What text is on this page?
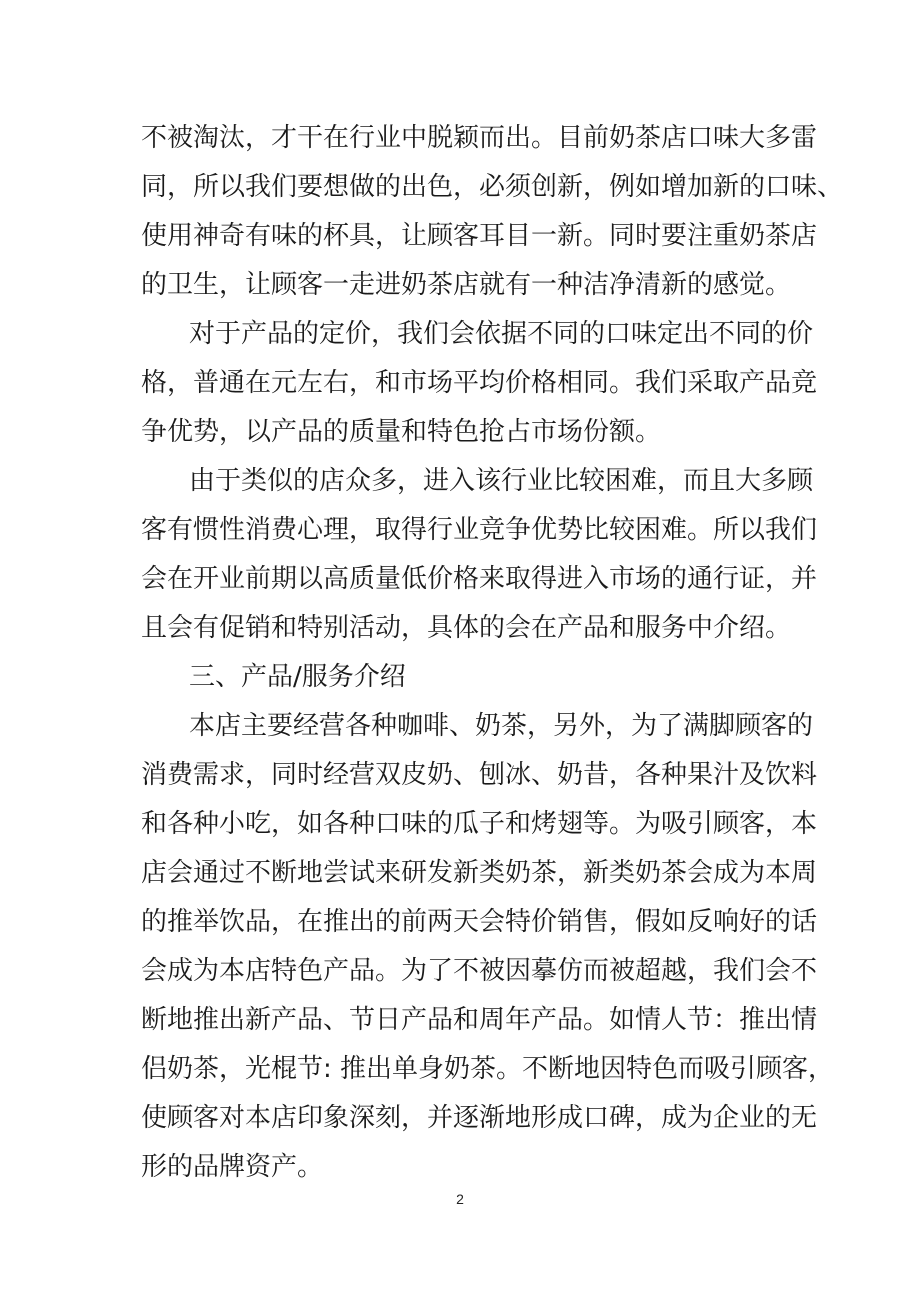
不被淘汰，才干在行业中脱颖而出。目前奶茶店口味大多雷
同，所以我们要想做的出色，必须创新，例如增加新的口味、
使用神奇有味的杯具，让顾客耳目一新。同时要注重奶茶店
的卫生，让顾客一走进奶茶店就有一种洁净清新的感觉。
对于产品的定价，我们会依据不同的口味定出不同的价
格，普通在元左右，和市场平均价格相同。我们采取产品竞
争优势，以产品的质量和特色抢占市场份额。
由于类似的店众多，进入该行业比较困难，而且大多顾
客有惯性消费心理，取得行业竞争优势比较困难。所以我们
会在开业前期以高质量低价格来取得进入市场的通行证，并
且会有促销和特别活动，具体的会在产品和服务中介绍。
三、产品/服务介绍
本店主要经营各种咖啡、奶茶，另外，为了满脚顾客的
消费需求，同时经营双皮奶、刨冰、奶昔，各种果汁及饮料
和各种小吃，如各种口味的瓜子和烤翅等。为吸引顾客，本
店会通过不断地尝试来研发新类奶茶，新类奶茶会成为本周
的推举饮品，在推出的前两天会特价销售，假如反响好的话
会成为本店特色产品。为了不被因摹仿而被超越，我们会不
断地推出新产品、节日产品和周年产品。如情人节：推出情
侣奶茶，光棍节: 推出单身奶茶。不断地因特色而吸引顾客，
使顾客对本店印象深刻，并逐渐地形成口碑，成为企业的无
形的品牌资产。
2
